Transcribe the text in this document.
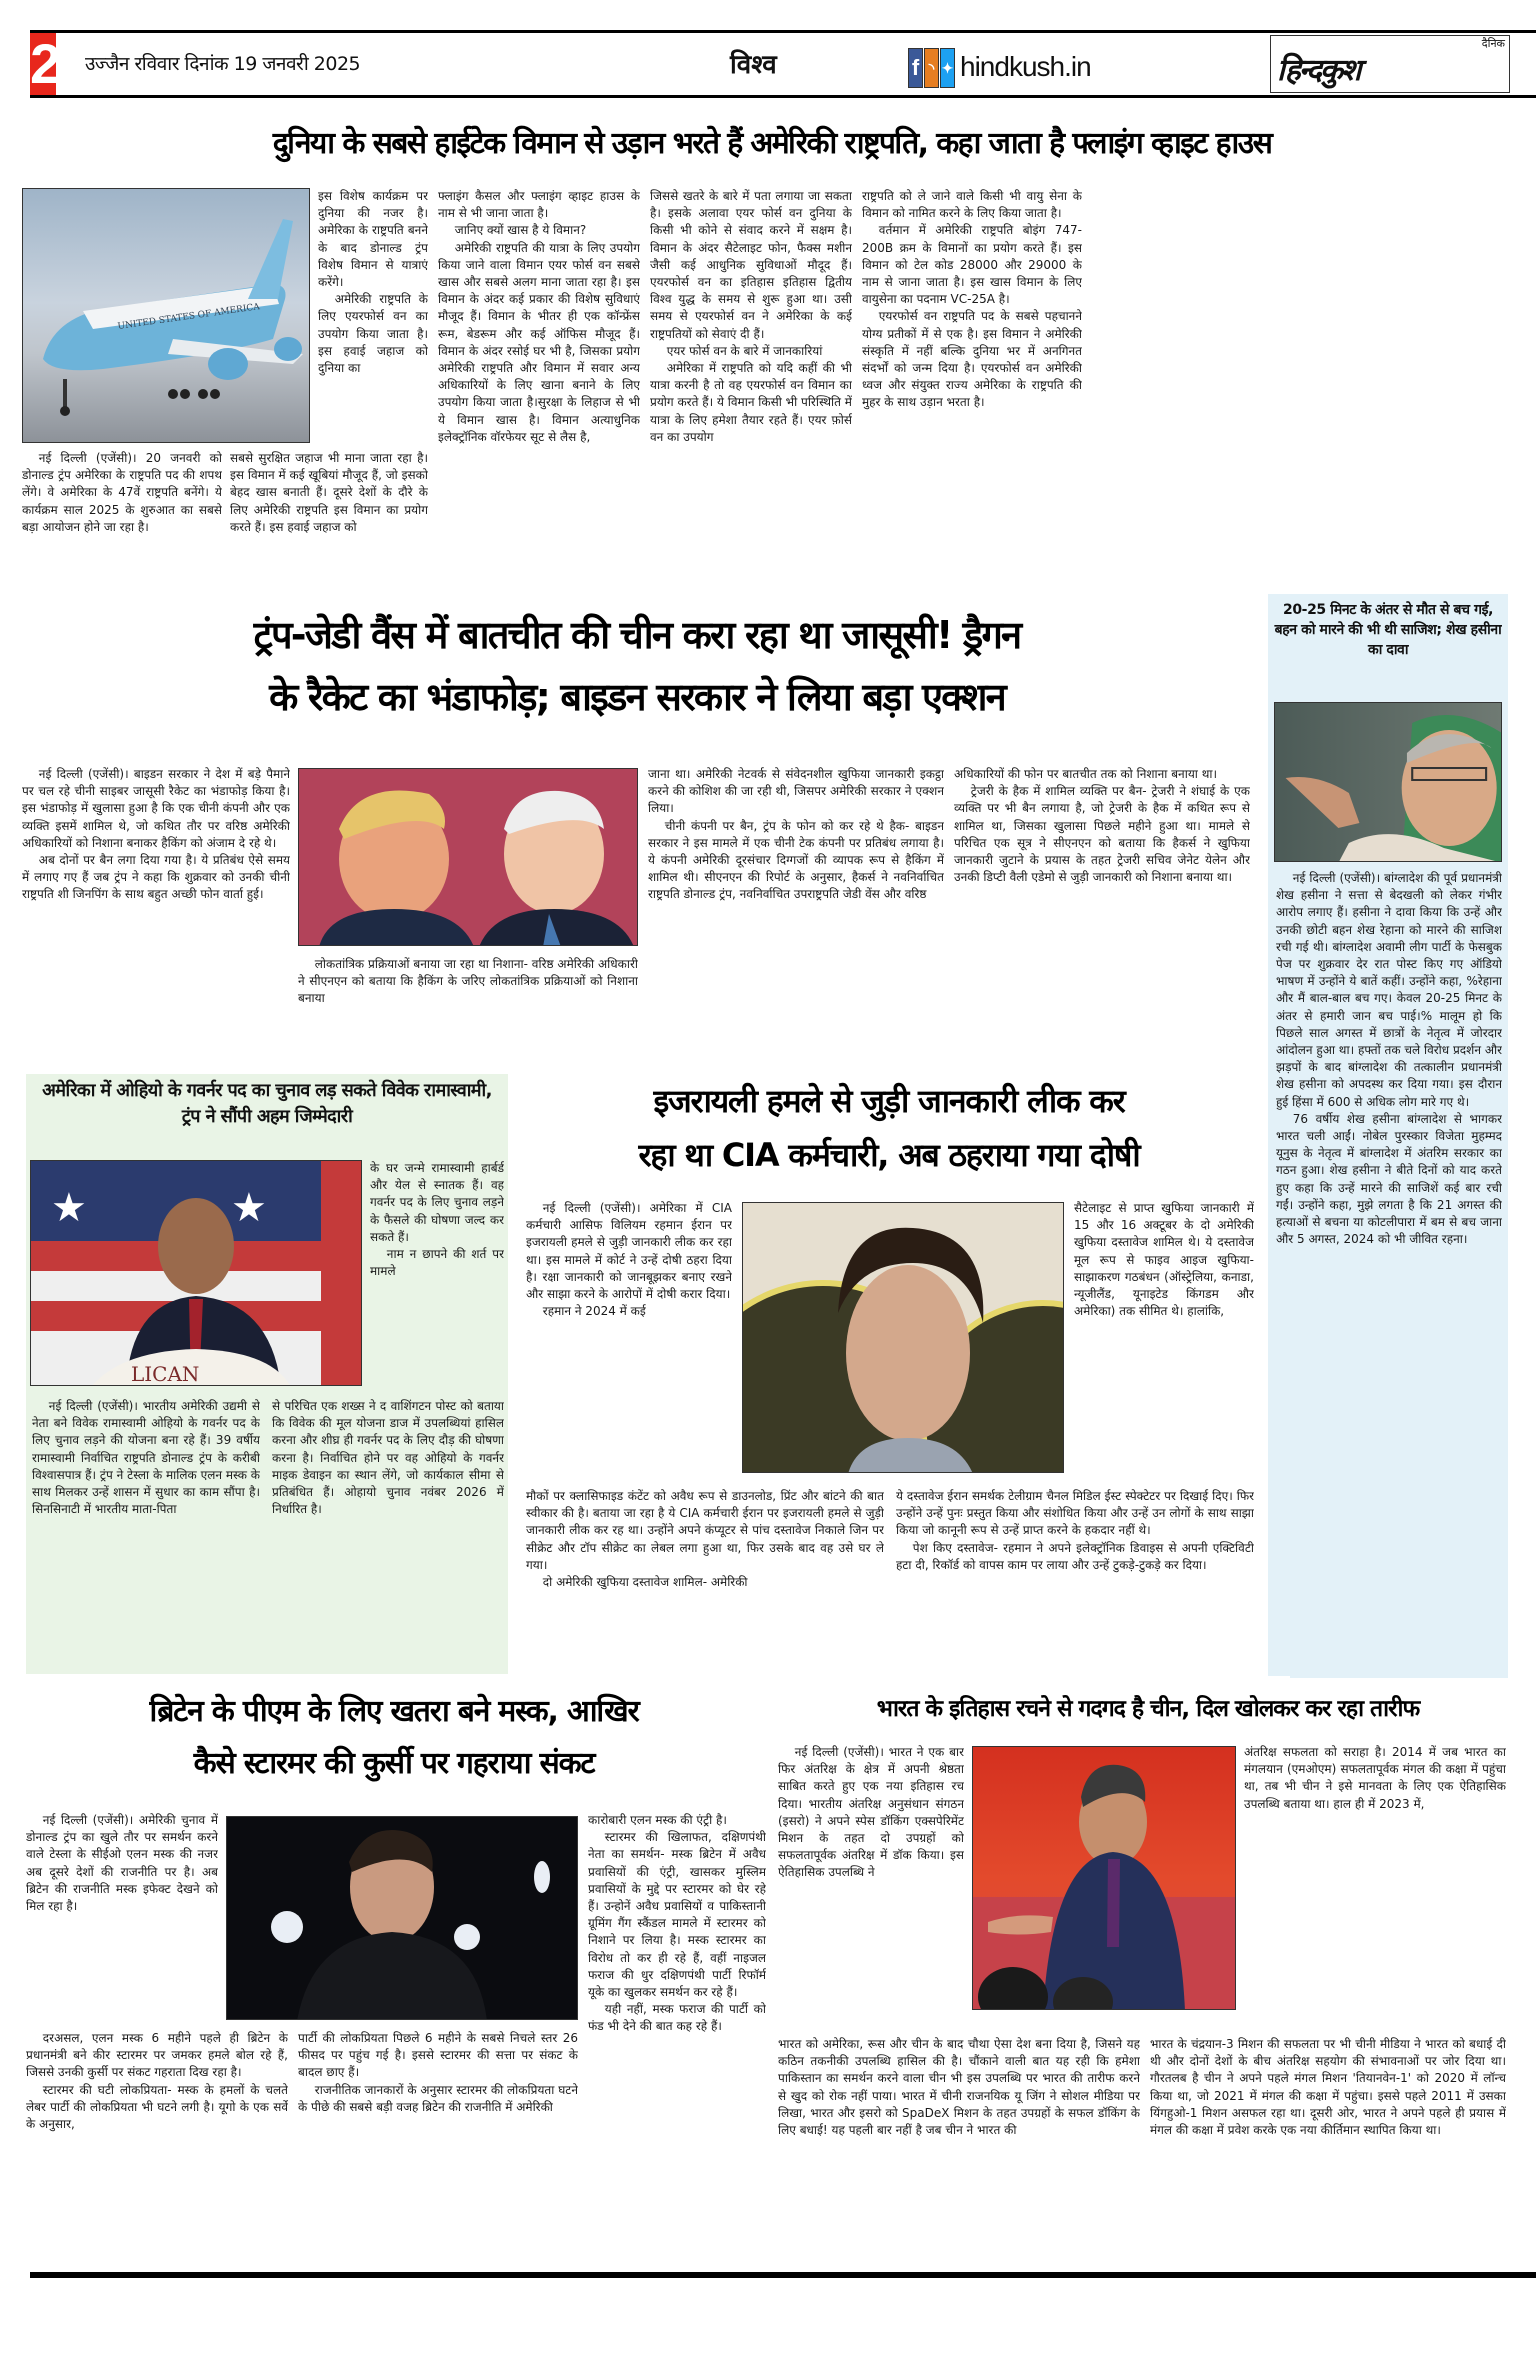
2 उज्जैन रविवार दिनांक 19 जनवरी 2025	विश्व	f ◝ ✦ hindkush.in
दैनिक
हिन्दकुश
दुनिया के सबसे हाईटेक विमान से उड़ान भरते हैं अमेरिकी राष्ट्रपति, कहा जाता है फ्लाइंग व्हाइट हाउस
UNITED STATES OF AMERICA

इस विशेष कार्यक्रम पर दुनिया की नजर है। अमेरिका के राष्ट्रपति बनने के बाद डोनाल्ड ट्रंप विशेष विमान से यात्राएं करेंगे।

अमेरिकी राष्ट्रपति के लिए एयरफोर्स वन का उपयोग किया जाता है। इस हवाई जहाज को दुनिया का

नई दिल्ली (एजेंसी)। 20 जनवरी को डोनाल्ड ट्रंप अमेरिका के राष्ट्रपति पद की शपथ लेंगे। वे अमेरिका के 47वें राष्ट्रपति बनेंगे। ये कार्यक्रम साल 2025 के शुरुआत का सबसे बड़ा आयोजन होने जा रहा है।

सबसे सुरक्षित जहाज भी माना जाता रहा है। इस विमान में कई खूबियां मौजूद हैं, जो इसको बेहद खास बनाती हैं। दूसरे देशों के दौरे के लिए अमेरिकी राष्ट्रपति इस विमान का प्रयोग करते हैं। इस हवाई जहाज को

फ्लाइंग कैसल और फ्लाइंग व्हाइट हाउस के नाम से भी जाना जाता है।

जानिए क्यों खास है ये विमान?

अमेरिकी राष्ट्रपति की यात्रा के लिए उपयोग किया जाने वाला विमान एयर फोर्स वन सबसे खास और सबसे अलग माना जाता रहा है। इस विमान के अंदर कई प्रकार की विशेष सुविधाएं मौजूद हैं। विमान के भीतर ही एक कॉन्फ्रेंस रूम, बेडरूम और कई ऑफिस मौजूद हैं। विमान के अंदर रसोई घर भी है, जिसका प्रयोग अमेरिकी राष्ट्रपति और विमान में सवार अन्य अधिकारियों के लिए खाना बनाने के लिए उपयोग किया जाता है।सुरक्षा के लिहाज से भी ये विमान खास है। विमान अत्याधुनिक इलेक्ट्रॉनिक वॉरफेयर सूट से लैस है,

जिससे खतरे के बारे में पता लगाया जा सकता है। इसके अलावा एयर फोर्स वन दुनिया के किसी भी कोने से संवाद करने में सक्षम है। विमान के अंदर सैटेलाइट फोन, फैक्स मशीन जैसी कई आधुनिक सुविधाओं मौदूद हैं। एयरफोर्स वन का इतिहास इतिहास द्वितीय विश्व युद्ध के समय से शुरू हुआ था। उसी समय से एयरफोर्स वन ने अमेरिका के कई राष्ट्रपतियों को सेवाएं दी हैं।

एयर फोर्स वन के बारे में जानकारियां

अमेरिका में राष्ट्रपति को यदि कहीं की भी यात्रा करनी है तो वह एयरफोर्स वन विमान का प्रयोग करते हैं। ये विमान किसी भी परिस्थिति में यात्रा के लिए हमेशा तैयार रहते हैं। एयर फ़ोर्स वन का उपयोग

राष्ट्रपति को ले जाने वाले किसी भी वायु सेना के विमान को नामित करने के लिए किया जाता है।

वर्तमान में अमेरिकी राष्ट्रपति बोइंग 747-200B क्रम के विमानों का प्रयोग करते हैं। इस विमान को टेल कोड 28000 और 29000 के नाम से जाना जाता है। इस खास विमान के लिए वायुसेना का पदनाम VC-25A है।

एयरफोर्स वन राष्ट्रपति पद के सबसे पहचानने योग्य प्रतीकों में से एक है। इस विमान ने अमेरिकी संस्कृति में नहीं बल्कि दुनिया भर में अनगिनत संदर्भों को जन्म दिया है। एयरफोर्स वन अमेरिकी ध्वज और संयुक्त राज्य अमेरिका के राष्ट्रपति की मुहर के साथ उड़ान भरता है।

ट्रंप-जेडी वैंस में बातचीत की चीन करा रहा था जासूसी! ड्रैगन
के रैकेट का भंडाफोड़; बाइडन सरकार ने लिया बड़ा एक्शन

नई दिल्ली (एजेंसी)। बाइडन सरकार ने देश में बड़े पैमाने पर चल रहे चीनी साइबर जासूसी रैकेट का भंडाफोड़ किया है। इस भंडाफोड़ में खुलासा हुआ है कि एक चीनी कंपनी और एक व्यक्ति इसमें शामिल थे, जो कथित तौर पर वरिष्ठ अमेरिकी अधिकारियों को निशाना बनाकर हैकिंग को अंजाम दे रहे थे।

अब दोनों पर बैन लगा दिया गया है। ये प्रतिबंध ऐसे समय में लगाए गए हैं जब ट्रंप ने कहा कि शुक्रवार को उनकी चीनी राष्ट्रपति शी जिनपिंग के साथ बहुत अच्छी फोन वार्ता हुई।

लोकतांत्रिक प्रक्रियाओं बनाया जा रहा था निशाना- वरिष्ठ अमेरिकी अधिकारी ने सीएनएन को बताया कि हैकिंग के जरिए लोकतांत्रिक प्रक्रियाओं को निशाना बनाया

जाना था। अमेरिकी नेटवर्क से संवेदनशील खुफिया जानकारी इकट्ठा करने की कोशिश की जा रही थी, जिसपर अमेरिकी सरकार ने एक्शन लिया।

चीनी कंपनी पर बैन, ट्रंप के फोन को कर रहे थे हैक- बाइडन सरकार ने इस मामले में एक चीनी टेक कंपनी पर प्रतिबंध लगाया है। ये कंपनी अमेरिकी दूरसंचार दिग्गजों की व्यापक रूप से हैकिंग में शामिल थी। सीएनएन की रिपोर्ट के अनुसार, हैकर्स ने नवनिर्वाचित राष्ट्रपति डोनाल्ड ट्रंप, नवनिर्वाचित उपराष्ट्रपति जेडी वेंस और वरिष्ठ

अधिकारियों की फोन पर बातचीत तक को निशाना बनाया था।

ट्रेजरी के हैक में शामिल व्यक्ति पर बैन- ट्रेजरी ने शंघाई के एक व्यक्ति पर भी बैन लगाया है, जो ट्रेजरी के हैक में कथित रूप से शामिल था, जिसका खुलासा पिछले महीने हुआ था। मामले से परिचित एक सूत्र ने सीएनएन को बताया कि हैकर्स ने खुफिया जानकारी जुटाने के प्रयास के तहत ट्रेजरी सचिव जेनेट येलेन और उनकी डिप्टी वैली एडेमो से जुड़ी जानकारी को निशाना बनाया था।

20-25 मिनट के अंतर से मौत से बच गई, बहन को मारने की भी थी साजिश; शेख हसीना का दावा

नई दिल्ली (एजेंसी)। बांग्लादेश की पूर्व प्रधानमंत्री शेख हसीना ने सत्ता से बेदखली को लेकर गंभीर आरोप लगाए हैं। हसीना ने दावा किया कि उन्हें और उनकी छोटी बहन शेख रेहाना को मारने की साजिश रची गई थी। बांग्लादेश अवामी लीग पार्टी के फेसबुक पेज पर शुक्रवार देर रात पोस्ट किए गए ऑडियो भाषण में उन्होंने ये बातें कहीं। उन्होंने कहा, %रेहाना और मैं बाल-बाल बच गए। केवल 20-25 मिनट के अंतर से हमारी जान बच पाई।% मालूम हो कि पिछले साल अगस्त में छात्रों के नेतृत्व में जोरदार आंदोलन हुआ था। हफ्तों तक चले विरोध प्रदर्शन और झड़पों के बाद बांग्लादेश की तत्कालीन प्रधानमंत्री शेख हसीना को अपदस्थ कर दिया गया। इस दौरान हुई हिंसा में 600 से अधिक लोग मारे गए थे।

76 वर्षीय शेख हसीना बांग्लादेश से भागकर भारत चली आईं। नोबेल पुरस्कार विजेता मुहम्मद यूनुस के नेतृत्व में बांग्लादेश में अंतरिम सरकार का गठन हुआ। शेख हसीना ने बीते दिनों को याद करते हुए कहा कि उन्हें मारने की साजिशें कई बार रची गईं। उन्होंने कहा, मुझे लगता है कि 21 अगस्त की हत्याओं से बचना या कोटलीपारा में बम से बच जाना और 5 अगस्त, 2024 को भी जीवित रहना।

अमेरिका में ओहियो के गवर्नर पद का चुनाव लड़ सकते विवेक रामास्वामी, ट्रंप ने सौंपी अहम जिम्मेदारी
★	★
LICAN

के घर जन्मे रामास्वामी हार्बर्ड और येल से स्नातक हैं। वह गवर्नर पद के लिए चुनाव लड़ने के फैसले की घोषणा जल्द कर सकते हैं।

नाम न छापने की शर्त पर मामले

नई दिल्ली (एजेंसी)। भारतीय अमेरिकी उद्यमी से नेता बने विवेक रामास्वामी ओहियो के गवर्नर पद के लिए चुनाव लड़ने की योजना बना रहे हैं। 39 वर्षीय रामास्वामी निर्वाचित राष्ट्रपति डोनाल्ड ट्रंप के करीबी विश्वासपात्र हैं। ट्रंप ने टेस्ला के मालिक एलन मस्क के साथ मिलकर उन्हें शासन में सुधार का काम सौंपा है। सिनसिनाटी में भारतीय माता-पिता

से परिचित एक शख्स ने द वाशिंगटन पोस्ट को बताया कि विवेक की मूल योजना डाज में उपलब्धियां हासिल करना और शीघ्र ही गवर्नर पद के लिए दौड़ की घोषणा करना है। निर्वाचित होने पर वह ओहियो के गवर्नर माइक डेवाइन का स्थान लेंगे, जो कार्यकाल सीमा से प्रतिबंधित हैं। ओहायो चुनाव नवंबर 2026 में निर्धारित है।

इजरायली हमले से जुड़ी जानकारी लीक कर
रहा था CIA कर्मचारी, अब ठहराया गया दोषी

नई दिल्ली (एजेंसी)। अमेरिका में CIA कर्मचारी आसिफ विलियम रहमान ईरान पर इजरायली हमले से जुड़ी जानकारी लीक कर रहा था। इस मामले में कोर्ट ने उन्हें दोषी ठहरा दिया है। रक्षा जानकारी को जानबूझकर बनाए रखने और साझा करने के आरोपों में दोषी करार दिया।

रहमान ने 2024 में कई

सैटेलाइट से प्राप्त खुफिया जानकारी में 15 और 16 अक्टूबर के दो अमेरिकी खुफिया दस्तावेज शामिल थे। ये दस्तावेज मूल रूप से फाइव आइज खुफिया-साझाकरण गठबंधन (ऑस्ट्रेलिया, कनाडा, न्यूजीलैंड, यूनाइटेड किंगडम और अमेरिका) तक सीमित थे। हालांकि,

मौकों पर क्लासिफाइड कंटेंट को अवैध रूप से डाउनलोड, प्रिंट और बांटने की बात स्वीकार की है। बताया जा रहा है ये CIA कर्मचारी ईरान पर इजरायली हमले से जुड़ी जानकारी लीक कर रह था। उन्होंने अपने कंप्यूटर से पांच दस्तावेज निकाले जिन पर सीक्रेट और टॉप सीक्रेट का लेबल लगा हुआ था, फिर उसके बाद वह उसे घर ले गया।

दो अमेरिकी खुफिया दस्तावेज शामिल- अमेरिकी

ये दस्तावेज ईरान समर्थक टेलीग्राम चैनल मिडिल ईस्ट स्पेक्टेटर पर दिखाई दिए। फिर उन्होंने उन्हें पुनः प्रस्तुत किया और संशोधित किया और उन्हें उन लोगों के साथ साझा किया जो कानूनी रूप से उन्हें प्राप्त करने के हकदार नहीं थे।

पेश किए दस्तावेज- रहमान ने अपने इलेक्ट्रॉनिक डिवाइस से अपनी एक्टिविटी हटा दी, रिकॉर्ड को वापस काम पर लाया और उन्हें टुकड़े-टुकड़े कर दिया।

ब्रिटेन के पीएम के लिए खतरा बने मस्क, आखिर
कैसे स्टारमर की कुर्सी पर गहराया संकट

नई दिल्ली (एजेंसी)। अमेरिकी चुनाव में डोनाल्ड ट्रंप का खुले तौर पर समर्थन करने वाले टेस्ला के सीईओ एलन मस्क की नजर अब दूसरे देशों की राजनीति पर है। अब ब्रिटेन की राजनीति मस्क इफेक्ट देखने को मिल रहा है।

दरअसल, एलन मस्क 6 महीने पहले ही ब्रिटेन के प्रधानमंत्री बने कीर स्टारमर पर जमकर हमले बोल रहे हैं, जिससे उनकी कुर्सी पर संकट गहराता दिख रहा है।

स्टारमर की घटी लोकप्रियता- मस्क के हमलों के चलते लेबर पार्टी की लोकप्रियता भी घटने लगी है। यूगो के एक सर्वे के अनुसार,

पार्टी की लोकप्रियता पिछले 6 महीने के सबसे निचले स्तर 26 फीसद पर पहुंच गई है। इससे स्टारमर की सत्ता पर संकट के बादल छाए हैं।

राजनीतिक जानकारों के अनुसार स्टारमर की लोकप्रियता घटने के पीछे की सबसे बड़ी वजह ब्रिटेन की राजनीति में अमेरिकी

कारोबारी एलन मस्क की एंट्री है।

स्टारमर की खिलाफत, दक्षिणपंथी नेता का समर्थन- मस्क ब्रिटेन में अवैध प्रवासियों की एंट्री, खासकर मुस्लिम प्रवासियों के मुद्दे पर स्टारमर को घेर रहे हैं। उन्होनें अवैध प्रवासियों व पाकिस्तानी ग्रूमिंग गैंग स्कैंडल मामले में स्टारमर को निशाने पर लिया है। मस्क स्टारमर का विरोध तो कर ही रहे हैं, वहीं नाइजल फराज की धुर दक्षिणपंथी पार्टी रिफॉर्म यूके का खुलकर समर्थन कर रहे हैं।

यही नहीं, मस्क फराज की पार्टी को फंड भी देने की बात कह रहे हैं।

भारत के इतिहास रचने से गदगद है चीन, दिल खोलकर कर रहा तारीफ

नई दिल्ली (एजेंसी)। भारत ने एक बार फिर अंतरिक्ष के क्षेत्र में अपनी श्रेष्ठता साबित करते हुए एक नया इतिहास रच दिया। भारतीय अंतरिक्ष अनुसंधान संगठन (इसरो) ने अपने स्पेस डॉकिंग एक्सपेरिमेंट मिशन के तहत दो उपग्रहों को सफलतापूर्वक अंतरिक्ष में डॉक किया। इस ऐतिहासिक उपलब्धि ने

अंतरिक्ष सफलता को सराहा है। 2014 में जब भारत का मंगलयान (एमओएम) सफलतापूर्वक मंगल की कक्षा में पहुंचा था, तब भी चीन ने इसे मानवता के लिए एक ऐतिहासिक उपलब्धि बताया था। हाल ही में 2023 में,

भारत को अमेरिका, रूस और चीन के बाद चौथा ऐसा देश बना दिया है, जिसने यह कठिन तकनीकी उपलब्धि हासिल की है। चौंकाने वाली बात यह रही कि हमेशा पाकिस्तान का समर्थन करने वाला चीन भी इस उपलब्धि पर भारत की तारीफ करने से खुद को रोक नहीं पाया। भारत में चीनी राजनयिक यू जिंग ने सोशल मीडिया पर लिखा, भारत और इसरो को SpaDeX मिशन के तहत उपग्रहों के सफल डॉकिंग के लिए बधाई! यह पहली बार नहीं है जब चीन ने भारत की

भारत के चंद्रयान-3 मिशन की सफलता पर भी चीनी मीडिया ने भारत को बधाई दी थी और दोनों देशों के बीच अंतरिक्ष सहयोग की संभावनाओं पर जोर दिया था। गौरतलब है चीन ने अपने पहले मंगल मिशन 'तियानवेन-1' को 2020 में लॉन्च किया था, जो 2021 में मंगल की कक्षा में पहुंचा। इससे पहले 2011 में उसका यिंगहुओ-1 मिशन असफल रहा था। दूसरी ओर, भारत ने अपने पहले ही प्रयास में मंगल की कक्षा में प्रवेश करके एक नया कीर्तिमान स्थापित किया था।
